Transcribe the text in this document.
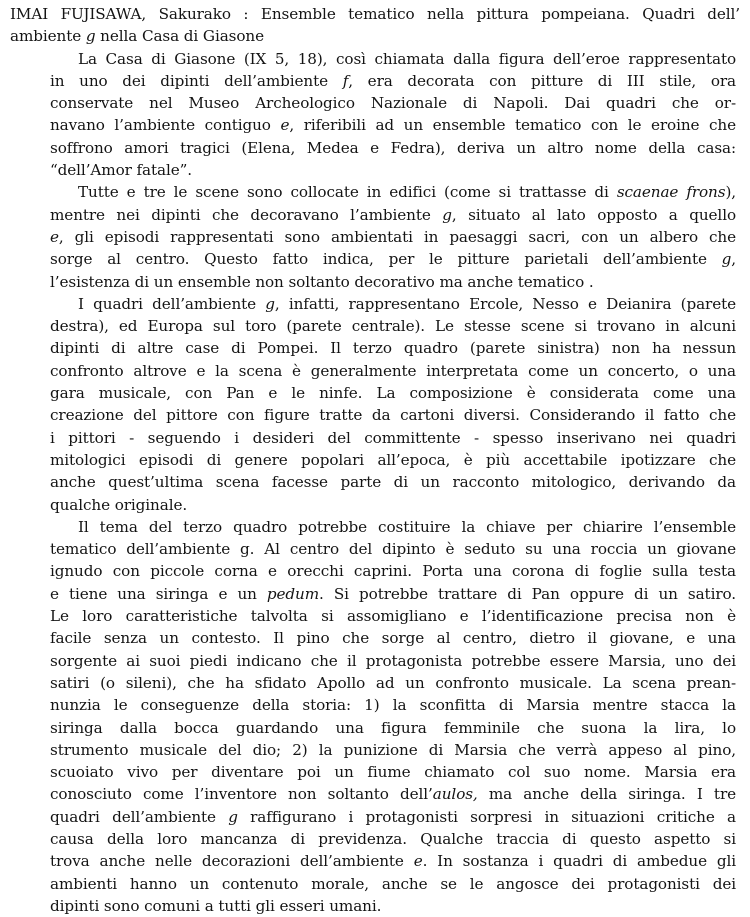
IMAI FUJISAWA, Sakurako : Ensemble tematico nella pittura pompeiana. Quadri dell’
ambiente g nella Casa di Giasone

La Casa di Giasone (IX 5, 18), così chiamata dalla figura dell’eroe rappresentato
in uno dei dipinti dell’ambiente f, era decorata con pitture di III stile, ora
conservate nel Museo Archeologico Nazionale di Napoli. Dai quadri che or-
navano l’ambiente contiguo e, riferibili ad un ensemble tematico con le eroine che
soffrono amori tragici (Elena, Medea e Fedra), deriva un altro nome della casa:
“dell’Amor fatale”.

Tutte e tre le scene sono collocate in edifici (come si trattasse di scaenae frons),
mentre nei dipinti che decoravano l’ambiente g, situato al lato opposto a quello
e, gli episodi rappresentati sono ambientati in paesaggi sacri, con un albero che
sorge al centro. Questo fatto indica, per le pitture parietali dell’ambiente g,
l’esistenza di un ensemble non soltanto decorativo ma anche tematico .

I quadri dell’ambiente g, infatti, rappresentano Ercole, Nesso e Deianira (parete
destra), ed Europa sul toro (parete centrale). Le stesse scene si trovano in alcuni
dipinti di altre case di Pompei. Il terzo quadro (parete sinistra) non ha nessun
confronto altrove e la scena è generalmente interpretata come un concerto, o una
gara musicale, con Pan e le ninfe. La composizione è considerata come una
creazione del pittore con figure tratte da cartoni diversi. Considerando il fatto che
i pittori - seguendo i desideri del committente - spesso inserivano nei quadri
mitologici episodi di genere popolari all’epoca, è più accettabile ipotizzare che
anche quest’ultima scena facesse parte di un racconto mitologico, derivando da
qualche originale.

Il tema del terzo quadro potrebbe costituire la chiave per chiarire l’ensemble
tematico dell’ambiente g. Al centro del dipinto è seduto su una roccia un giovane
ignudo con piccole corna e orecchi caprini. Porta una corona di foglie sulla testa
e tiene una siringa e un pedum. Si potrebbe trattare di Pan oppure di un satiro.
Le loro caratteristiche talvolta si assomigliano e l’identificazione precisa non è
facile senza un contesto. Il pino che sorge al centro, dietro il giovane, e una
sorgente ai suoi piedi indicano che il protagonista potrebbe essere Marsia, uno dei
satiri (o sileni), che ha sfidato Apollo ad un confronto musicale. La scena prean-
nunzia le conseguenze della storia: 1) la sconfitta di Marsia mentre stacca la
siringa dalla bocca guardando una figura femminile che suona la lira, lo
strumento musicale del dio; 2) la punizione di Marsia che verrà appeso al pino,
scuoiato vivo per diventare poi un fiume chiamato col suo nome. Marsia era
conosciuto come l’inventore non soltanto dell’aulos, ma anche della siringa. I tre
quadri dell’ambiente g raffigurano i protagonisti sorpresi in situazioni critiche a
causa della loro mancanza di previdenza. Qualche traccia di questo aspetto si
trova anche nelle decorazioni dell’ambiente e. In sostanza i quadri di ambedue gli
ambienti hanno un contenuto morale, anche se le angosce dei protagonisti dei
dipinti sono comuni a tutti gli esseri umani.
